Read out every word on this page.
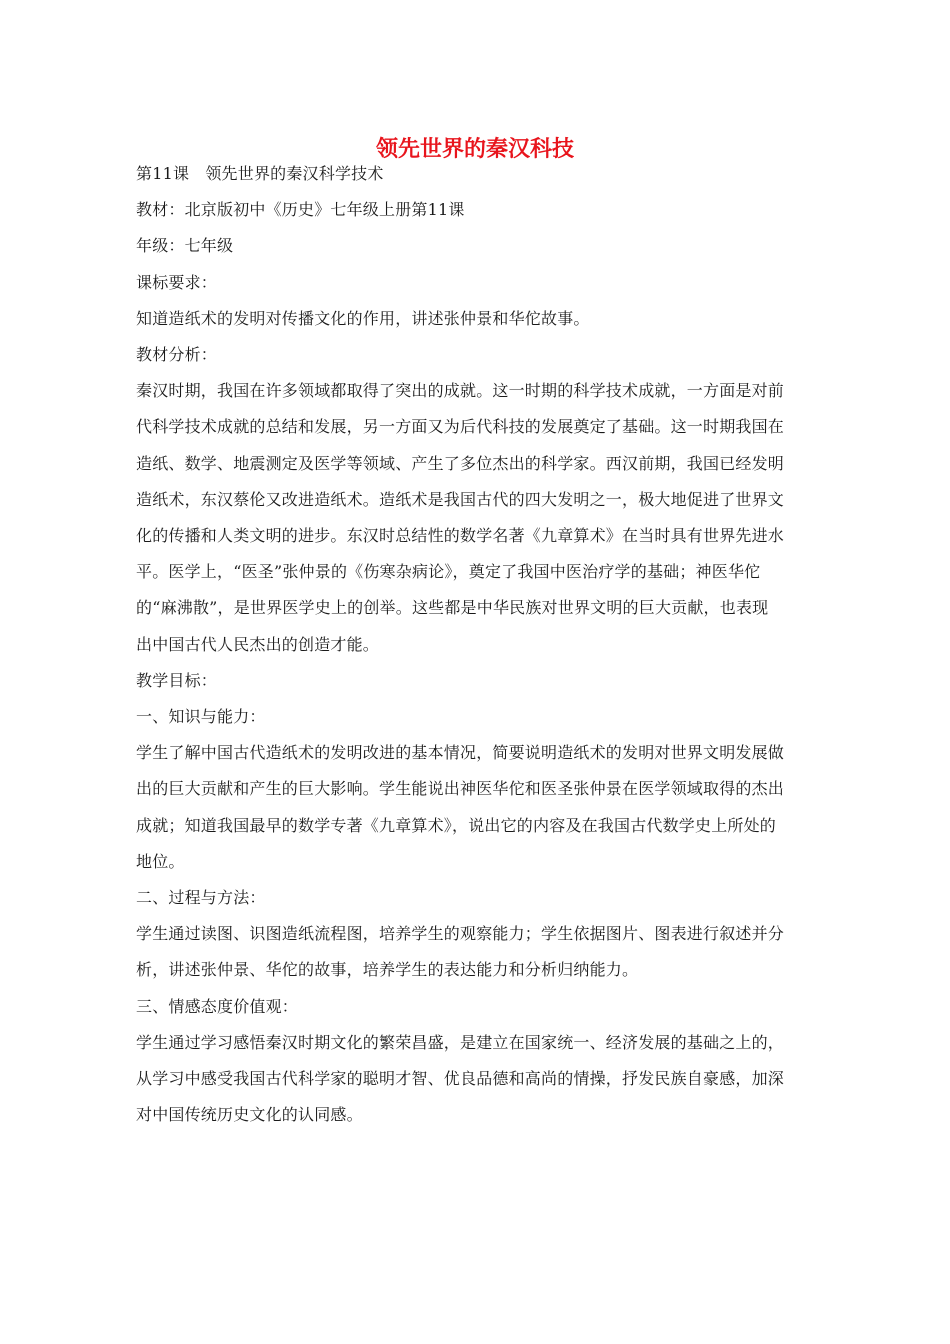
领先世界的秦汉科技

第11课　领先世界的秦汉科学技术

教材：北京版初中《历史》七年级上册第11课

年级：七年级

课标要求：

知道造纸术的发明对传播文化的作用，讲述张仲景和华佗故事。

教材分析：

秦汉时期，我国在许多领域都取得了突出的成就。这一时期的科学技术成就，一方面是对前

代科学技术成就的总结和发展，另一方面又为后代科技的发展奠定了基础。这一时期我国在

造纸、数学、地震测定及医学等领域、产生了多位杰出的科学家。西汉前期，我国已经发明

造纸术，东汉蔡伦又改进造纸术。造纸术是我国古代的四大发明之一，极大地促进了世界文

化的传播和人类文明的进步。东汉时总结性的数学名著《九章算术》在当时具有世界先进水

平。医学上，“医圣”张仲景的《伤寒杂病论》，奠定了我国中医治疗学的基础；神医华佗

的“麻沸散”，是世界医学史上的创举。这些都是中华民族对世界文明的巨大贡献，也表现

出中国古代人民杰出的创造才能。

教学目标：

一、知识与能力：

学生了解中国古代造纸术的发明改进的基本情况，简要说明造纸术的发明对世界文明发展做

出的巨大贡献和产生的巨大影响。学生能说出神医华佗和医圣张仲景在医学领域取得的杰出

成就；知道我国最早的数学专著《九章算术》，说出它的内容及在我国古代数学史上所处的

地位。

二、过程与方法：

学生通过读图、识图造纸流程图，培养学生的观察能力；学生依据图片、图表进行叙述并分

析，讲述张仲景、华佗的故事，培养学生的表达能力和分析归纳能力。

三、情感态度价值观：

学生通过学习感悟秦汉时期文化的繁荣昌盛，是建立在国家统一、经济发展的基础之上的，

从学习中感受我国古代科学家的聪明才智、优良品德和高尚的情操，抒发民族自豪感，加深

对中国传统历史文化的认同感。
